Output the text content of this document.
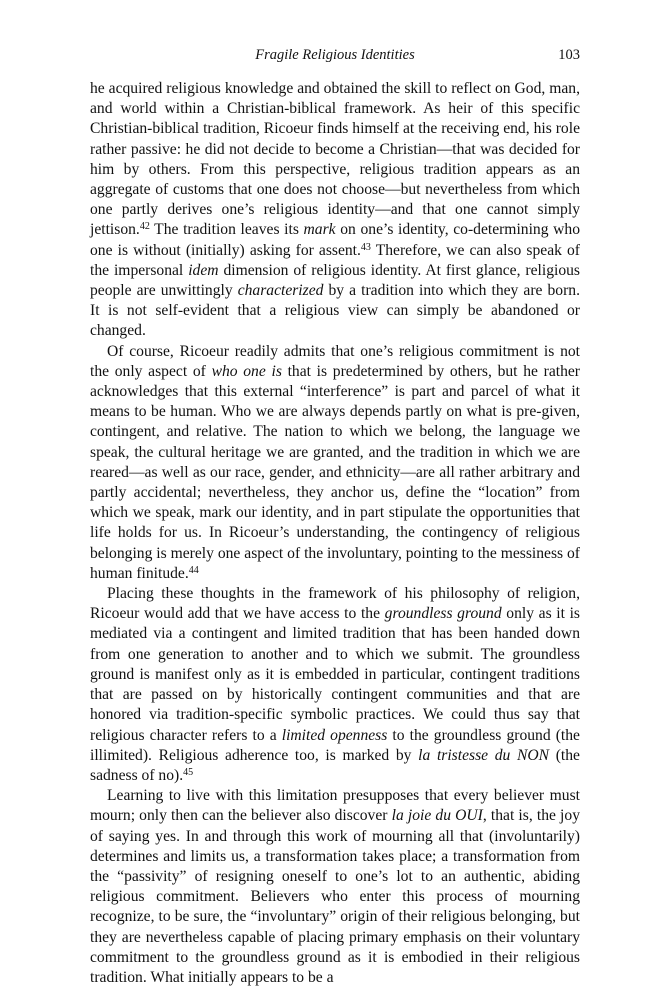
Fragile Religious Identities	103

he acquired religious knowledge and obtained the skill to reflect on God, man, and world within a Christian-biblical framework. As heir of this specific Christian-biblical tradition, Ricoeur finds himself at the receiving end, his role rather passive: he did not decide to become a Christian—that was decided for him by others. From this perspective, religious tradition appears as an aggregate of customs that one does not choose—but nevertheless from which one partly derives one’s religious identity—and that one cannot simply jettison.$^{42}$ The tradition leaves its mark on one’s identity, co-determining who one is without (initially) asking for assent.$^{43}$ Therefore, we can also speak of the impersonal idem dimension of religious identity. At first glance, religious people are unwittingly characterized by a tradition into which they are born. It is not self-evident that a religious view can simply be abandoned or changed.

Of course, Ricoeur readily admits that one’s religious commitment is not the only aspect of who one is that is predetermined by others, but he rather acknowledges that this external “interference” is part and parcel of what it means to be human. Who we are always depends partly on what is pre-given, contingent, and relative. The nation to which we belong, the language we speak, the cultural heritage we are granted, and the tradition in which we are reared—as well as our race, gender, and ethnicity—are all rather arbitrary and partly accidental; nevertheless, they anchor us, define the “location” from which we speak, mark our identity, and in part stipulate the opportunities that life holds for us. In Ricoeur’s understanding, the contingency of religious belonging is merely one aspect of the involuntary, pointing to the messiness of human finitude.$^{44}$

Placing these thoughts in the framework of his philosophy of religion, Ricoeur would add that we have access to the groundless ground only as it is mediated via a contingent and limited tradition that has been handed down from one generation to another and to which we submit. The groundless ground is manifest only as it is embedded in particular, contingent traditions that are passed on by historically contingent communities and that are honored via tradition-specific symbolic practices. We could thus say that religious character refers to a limited openness to the groundless ground (the illimited). Religious adherence too, is marked by la tristesse du NON (the sadness of no).$^{45}$

Learning to live with this limitation presupposes that every believer must mourn; only then can the believer also discover la joie du OUI, that is, the joy of saying yes. In and through this work of mourning all that (involuntarily) determines and limits us, a transformation takes place; a transformation from the “passivity” of resigning oneself to one’s lot to an authentic, abiding religious commitment. Believers who enter this process of mourning recognize, to be sure, the “involuntary” origin of their religious belonging, but they are nevertheless capable of placing primary emphasis on their voluntary commitment to the groundless ground as it is embodied in their religious tradition. What initially appears to be a
